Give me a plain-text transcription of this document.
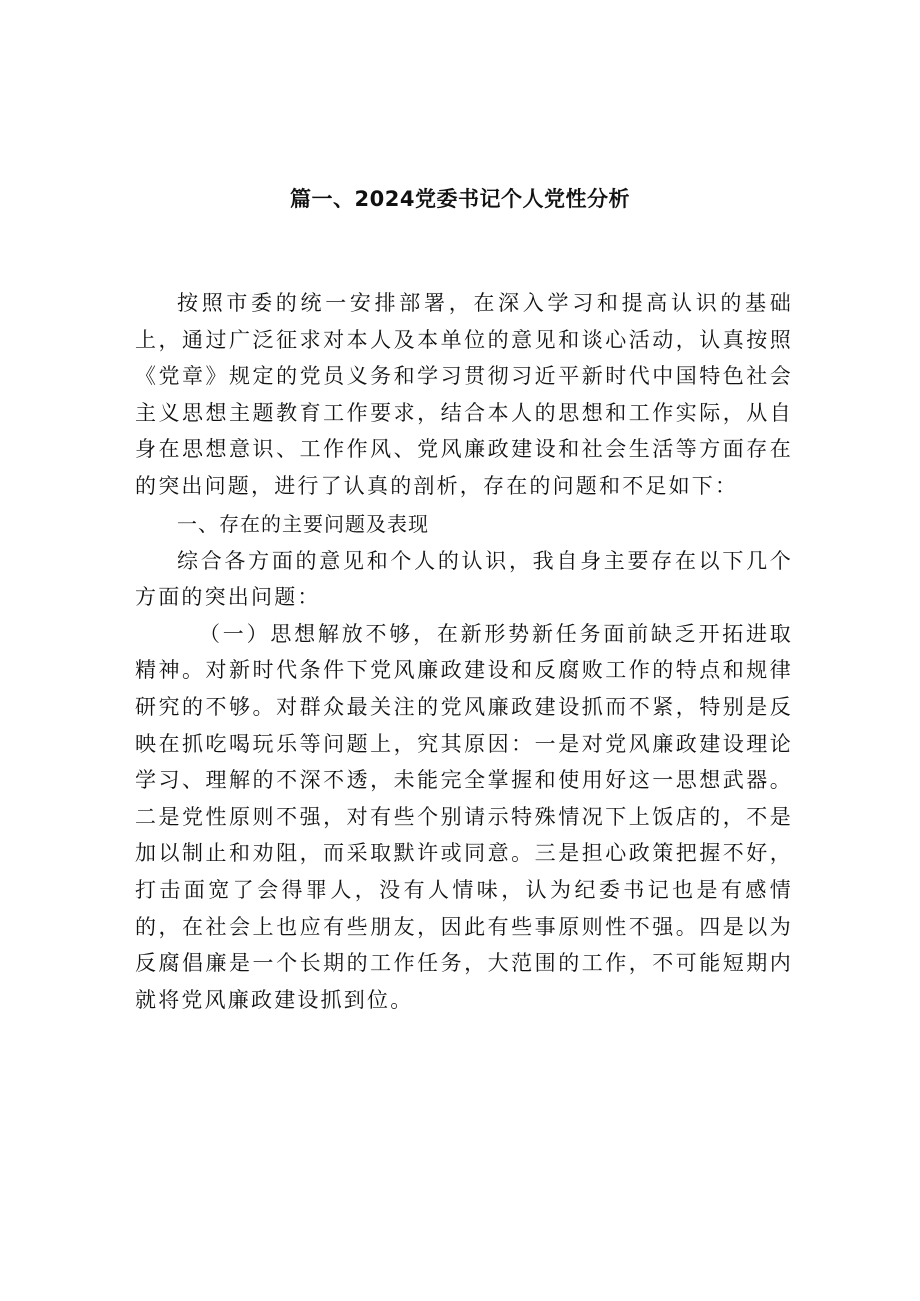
篇一、2024党委书记个人党性分析

按照市委的统一安排部署，在深入学习和提高认识的基础上，通过广泛征求对本人及本单位的意见和谈心活动，认真按照《党章》规定的党员义务和学习贯彻习近平新时代中国特色社会主义思想主题教育工作要求，结合本人的思想和工作实际，从自身在思想意识、工作作风、党风廉政建设和社会生活等方面存在的突出问题，进行了认真的剖析，存在的问题和不足如下：

一、存在的主要问题及表现

综合各方面的意见和个人的认识，我自身主要存在以下几个方面的突出问题：

（一）思想解放不够，在新形势新任务面前缺乏开拓进取精神。对新时代条件下党风廉政建设和反腐败工作的特点和规律研究的不够。对群众最关注的党风廉政建设抓而不紧，特别是反映在抓吃喝玩乐等问题上，究其原因：一是对党风廉政建设理论学习、理解的不深不透，未能完全掌握和使用好这一思想武器。二是党性原则不强，对有些个别请示特殊情况下上饭店的，不是加以制止和劝阻，而采取默许或同意。三是担心政策把握不好，打击面宽了会得罪人，没有人情味，认为纪委书记也是有感情的，在社会上也应有些朋友，因此有些事原则性不强。四是以为反腐倡廉是一个长期的工作任务，大范围的工作，不可能短期内就将党风廉政建设抓到位。
